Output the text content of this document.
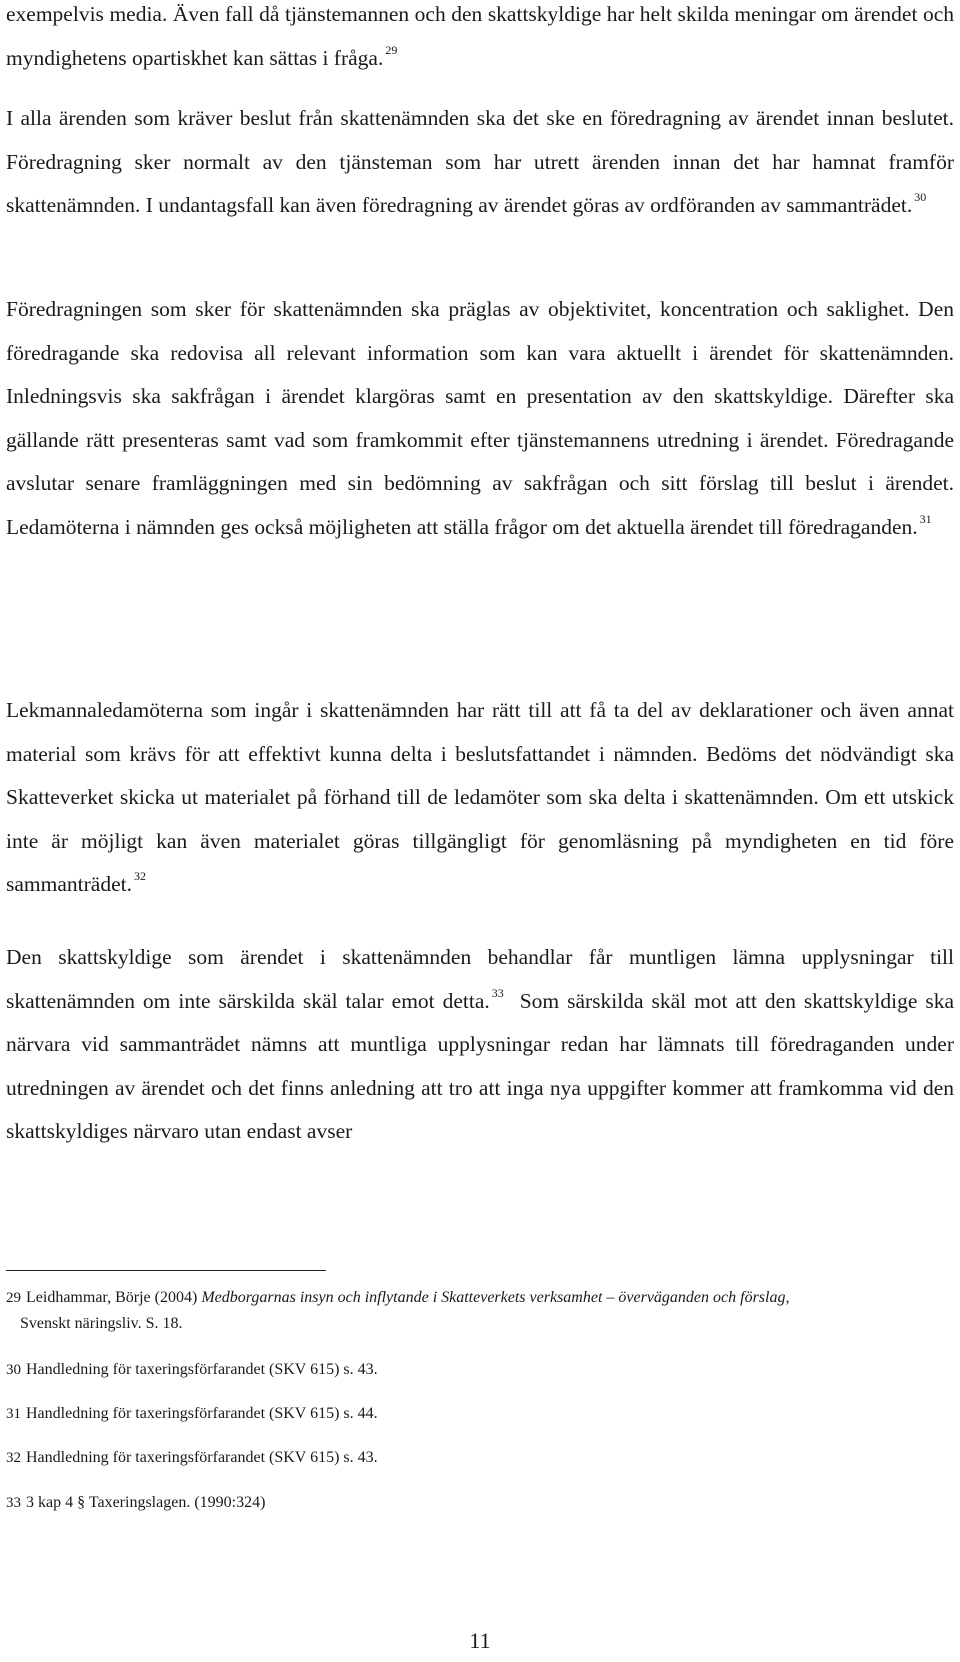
exempelvis media. Även fall då tjänstemannen och den skattskyldige har helt skilda meningar om ärendet och myndighetens opartiskhet kan sättas i fråga. $^{29}$

I alla ärenden som kräver beslut från skattenämnden ska det ske en föredragning av ärendet innan beslutet. Föredragning sker normalt av den tjänsteman som har utrett ärenden innan det har hamnat framför skattenämnden. I undantagsfall kan även föredragning av ärendet göras av ordföranden av sammanträdet. $^{30}$

Föredragningen som sker för skattenämnden ska präglas av objektivitet, koncentration och saklighet. Den föredragande ska redovisa all relevant information som kan vara aktuellt i ärendet för skattenämnden. Inledningsvis ska sakfrågan i ärendet klargöras samt en presentation av den skattskyldige. Därefter ska gällande rätt presenteras samt vad som framkommit efter tjänstemannens utredning i ärendet. Föredragande avslutar senare framläggningen med sin bedömning av sakfrågan och sitt förslag till beslut i ärendet. Ledamöterna i nämnden ges också möjligheten att ställa frågor om det aktuella ärendet till föredraganden. $^{31}$

Lekmannaledamöterna som ingår i skattenämnden har rätt till att få ta del av deklarationer och även annat material som krävs för att effektivt kunna delta i beslutsfattandet i nämnden. Bedöms det nödvändigt ska Skatteverket skicka ut materialet på förhand till de ledamöter som ska delta i skattenämnden. Om ett utskick inte är möjligt kan även materialet göras tillgängligt för genomläsning på myndigheten en tid före sammanträdet. $^{32}$

Den skattskyldige som ärendet i skattenämnden behandlar får muntligen lämna upplysningar till skattenämnden om inte särskilda skäl talar emot detta. $^{33}$ Som särskilda skäl mot att den skattskyldige ska närvara vid sammanträdet nämns att muntliga upplysningar redan har lämnats till föredraganden under utredningen av ärendet och det finns anledning att tro att inga nya uppgifter kommer att framkomma vid den skattskyldiges närvaro utan endast avser

29 Leidhammar, Börje (2004) Medborgarnas insyn och inflytande i Skatteverkets verksamhet – överväganden och förslag,
Svenskt näringsliv. S. 18.

30 Handledning för taxeringsförfarandet (SKV 615) s. 43.

31 Handledning för taxeringsförfarandet (SKV 615) s. 44.

32 Handledning för taxeringsförfarandet (SKV 615) s. 43.

33 3 kap 4 § Taxeringslagen. (1990:324)

11
